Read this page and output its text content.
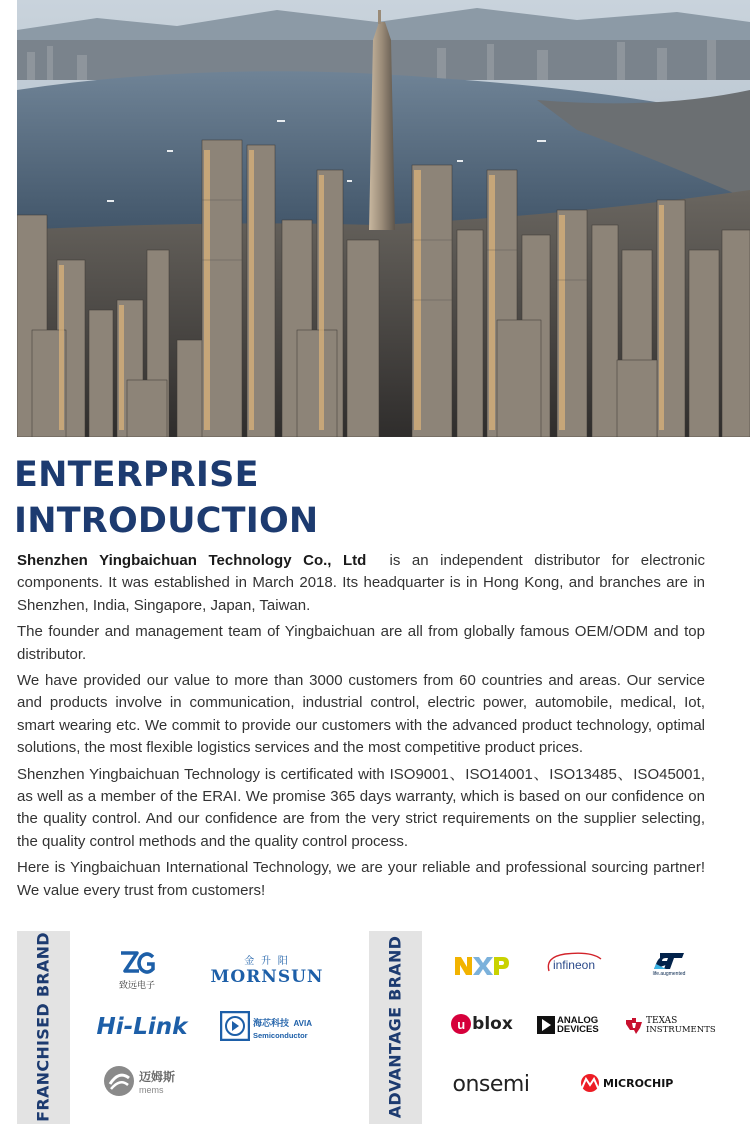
ENTERPRISE
INTRODUCTION

Shenzhen Yingbaichuan Technology Co., Ltd is an independent distributor for electronic components. It was established in March 2018. Its headquarter is in Hong Kong, and branches are in Shenzhen, India, Singapore, Japan, Taiwan.

The founder and management team of Yingbaichuan are all from globally famous OEM/ODM and top distributor.

We have provided our value to more than 3000 customers from 60 countries and areas. Our service and products involve in communication, industrial control, electric power, automobile, medical, Iot, smart wearing etc. We commit to provide our customers with the advanced product technology, optimal solutions, the most flexible logistics services and the most competitive product prices.

Shenzhen Yingbaichuan Technology is certificated with ISO9001、ISO14001、ISO13485、ISO45001, as well as a member of the ERAI. We promise 365 days warranty, which is based on our confidence on the quality control. And our confidence are from the very strict requirements on the supplier selecting, the quality control methods and the quality control process.

Here is Yingbaichuan International Technology, we are your reliable and professional sourcing partner! We value every trust from customers!

FRANCHISED BRAND	致远电子
金 升 阳
MORNSUN
Hi-Link	海芯科技 AVIA
Semiconductor
迈姆斯
mems	ADVANTAGE BRAND	infineon
life.augmented
u blox	ANALOG
DEVICES
TEXAS
INSTRUMENTS
onsemi	MICROCHIP
